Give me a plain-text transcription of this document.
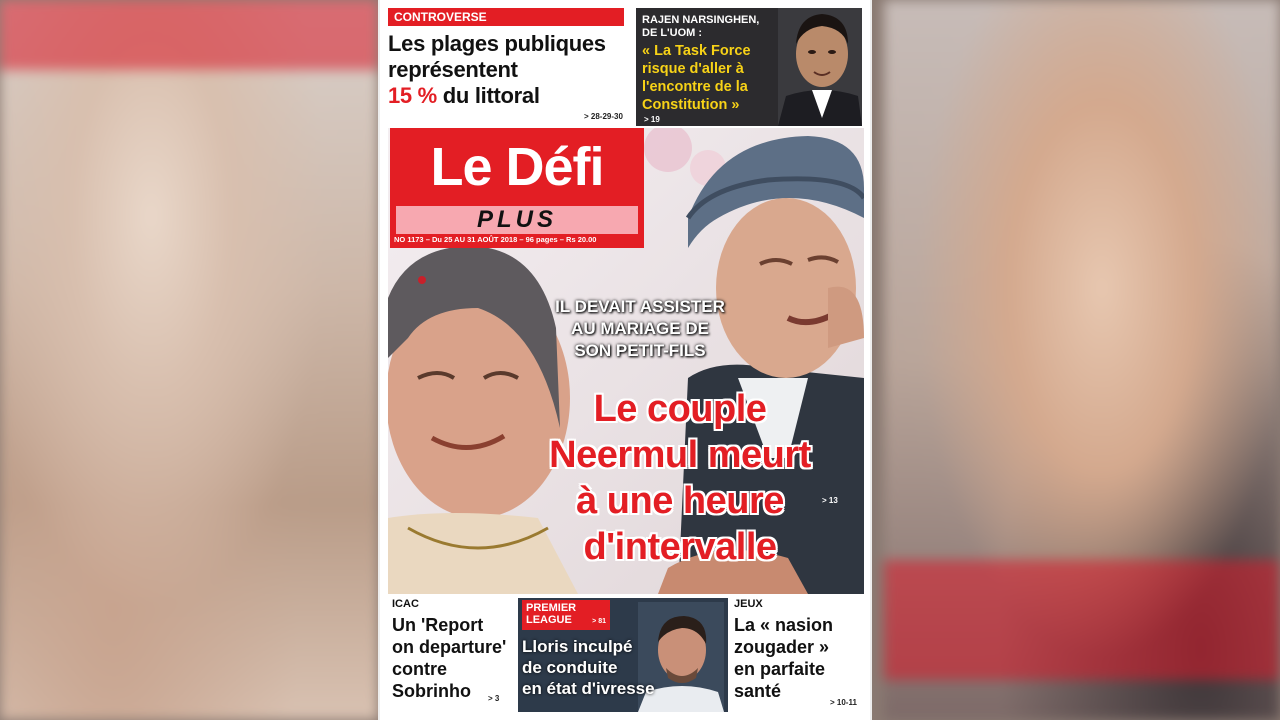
CONTROVERSE
Les plages publiques
représentent
15 % du littoral
> 28-29-30
RAJEN NARSINGHEN,
DE L'UOM :
« La Task Force risque d'aller à l'encontre de la Constitution »
> 19
Le Défi
PLUS
NO 1173 – Du 25 AU 31 AOÛT 2018 – 96 pages – Rs 20.00
IL DEVAIT ASSISTER
AU MARIAGE DE
SON PETIT-FILS
Le couple
Neermul meurt
à une heure
d'intervalle
> 13
ICAC
Un 'Report
on departure'
contre
Sobrinho	> 3
PREMIER
LEAGUE	> 81
Lloris inculpé
de conduite
en état d'ivresse
JEUX
La « nasion
zougader »
en parfaite
santé
> 10-11
